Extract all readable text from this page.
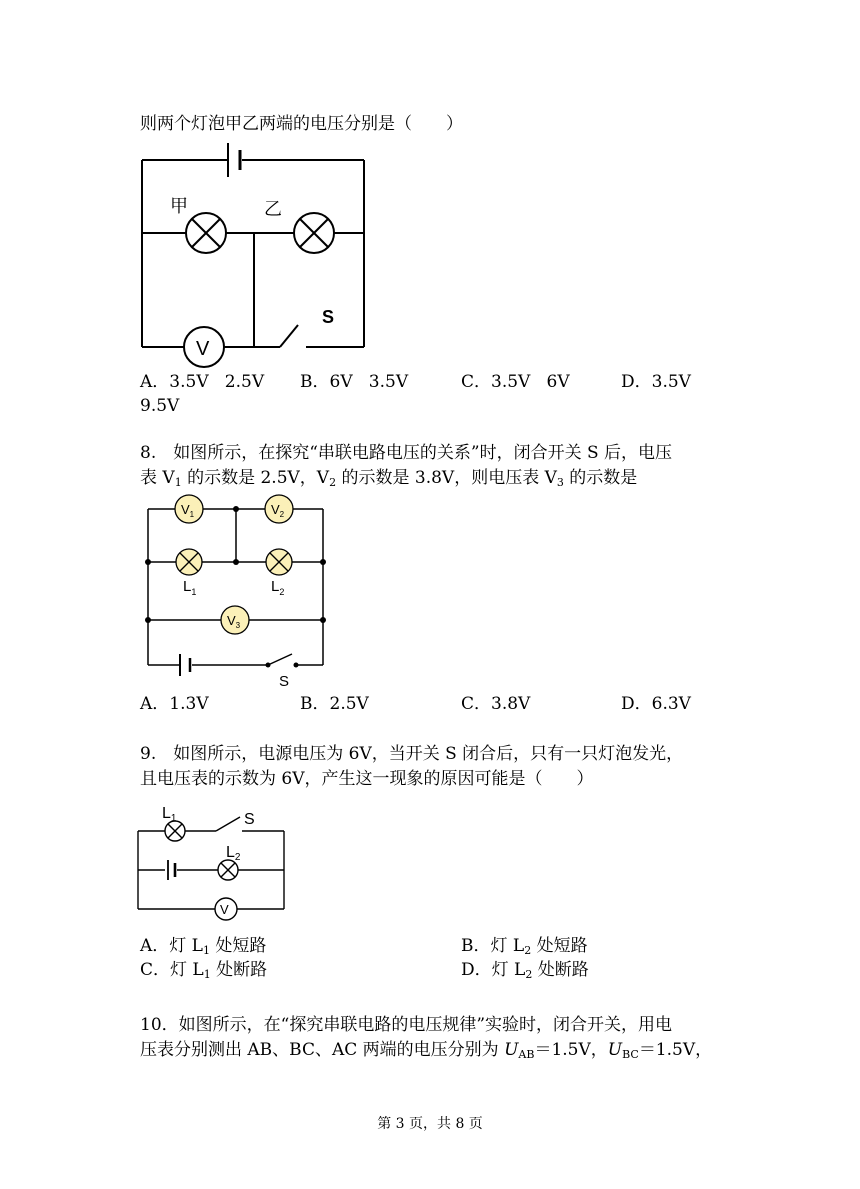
则两个灯泡甲乙两端的电压分别是（　　）
甲	乙
V
S
A．3.5V   2.5V B．6V   3.5V	C．3.5V   6V	D．3.5V
9.5V
8.　如图所示，在探究“串联电路电压的关系”时，闭合开关 S 后，电压
表 $V_1$ 的示数是 2.5V，$V_2$ 的示数是 3.8V，则电压表 $V_3$ 的示数是
$V_1$	$V_2$
$V_3$
$L_1$	$L_2$
S
A．1.3V	B．2.5V	C．3.8V	D．6.3V
9.　如图所示，电源电压为 6V，当开关 S 闭合后，只有一只灯泡发光，
且电压表的示数为 6V，产生这一现象的原因可能是（　　）
L1	S
L2
V
A．灯 $L_1$ 处短路	B．灯 $L_2$ 处短路
C．灯 $L_1$ 处断路	D．灯 $L_2$ 处断路
10．如图所示，在“探究串联电路的电压规律”实验时，闭合开关，用电
压表分别测出 AB、BC、AC 两端的电压分别为 $U_{AB}=1.5V$，$U_{BC}=1.5V$，
第 3 页，共 8 页
